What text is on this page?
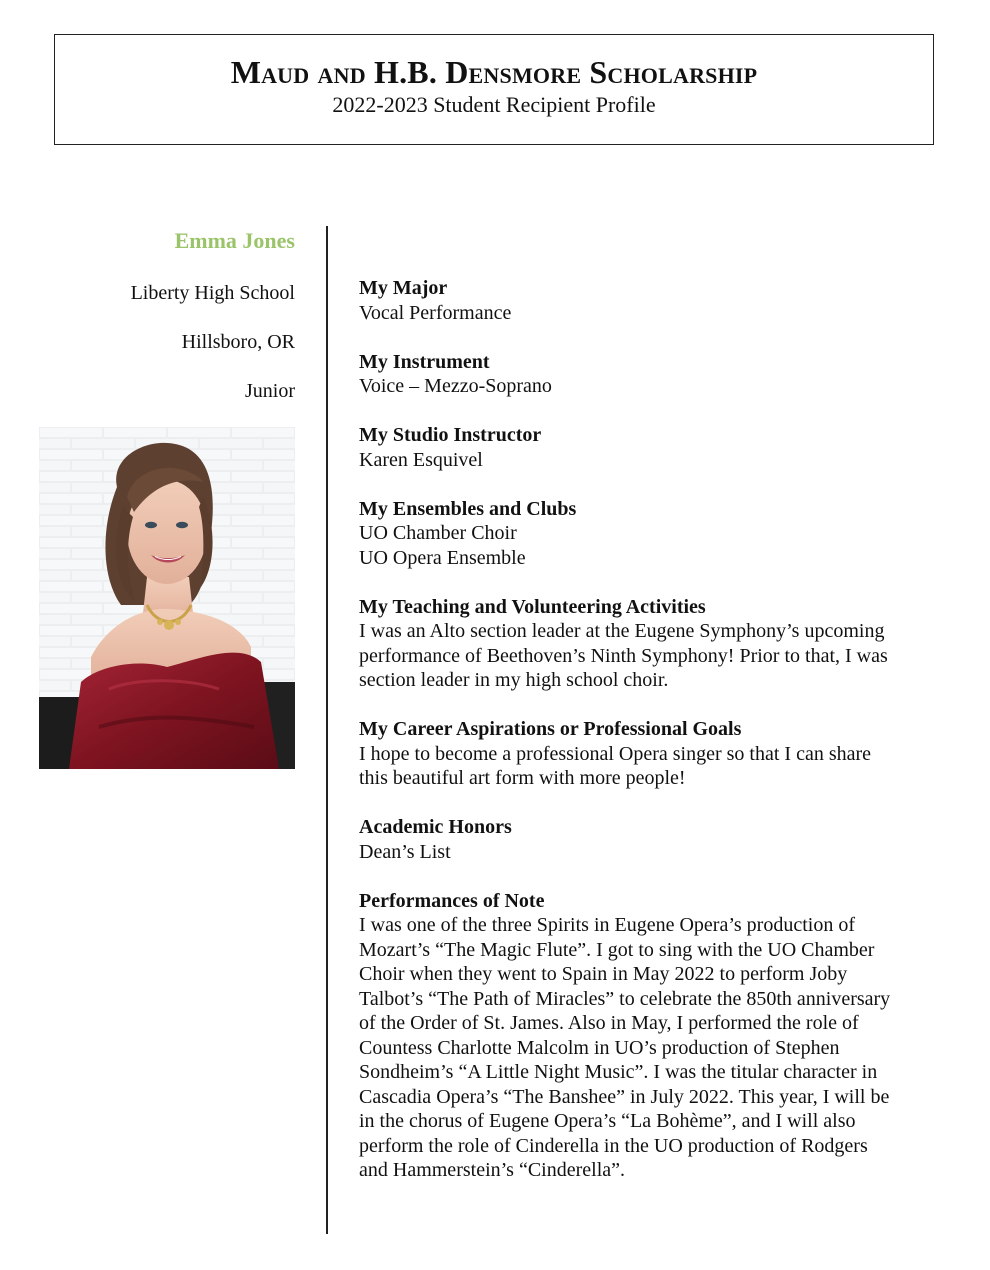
Maud and H.B. Densmore Scholarship
2022-2023 Student Recipient Profile
Emma Jones
Liberty High School
Hillsboro, OR
Junior
My Major
Vocal Performance
My Instrument
Voice – Mezzo-Soprano
My Studio Instructor
Karen Esquivel
My Ensembles and Clubs
UO Chamber Choir
UO Opera Ensemble
My Teaching and Volunteering Activities
I was an Alto section leader at the Eugene Symphony’s upcoming
performance of Beethoven’s Ninth Symphony! Prior to that, I was
section leader in my high school choir.
My Career Aspirations or Professional Goals
I hope to become a professional Opera singer so that I can share
this beautiful art form with more people!
Academic Honors
Dean’s List
Performances of Note
I was one of the three Spirits in Eugene Opera’s production of
Mozart’s “The Magic Flute”. I got to sing with the UO Chamber
Choir when they went to Spain in May 2022 to perform Joby
Talbot’s “The Path of Miracles” to celebrate the 850th anniversary
of the Order of St. James. Also in May, I performed the role of
Countess Charlotte Malcolm in UO’s production of Stephen
Sondheim’s “A Little Night Music”. I was the titular character in
Cascadia Opera’s “The Banshee” in July 2022. This year, I will be
in the chorus of Eugene Opera’s “La Bohème”, and I will also
perform the role of Cinderella in the UO production of Rodgers
and Hammerstein’s “Cinderella”.
